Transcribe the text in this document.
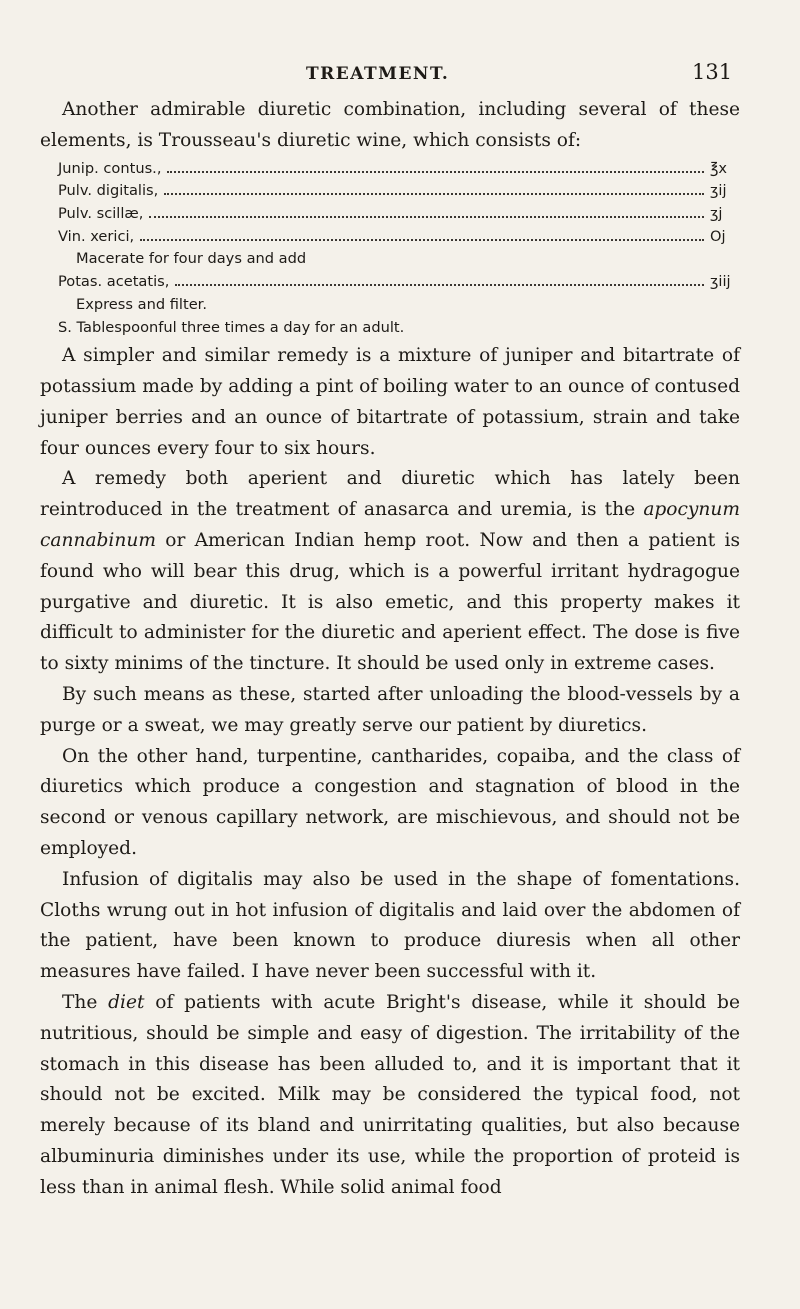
TREATMENT.	131

Another admirable diuretic combination, including several of these elements, is Trousseau's diuretic wine, which consists of:

Junip. contus.,	℥x
Pulv. digitalis,	ʒij
Pulv. scillæ,	ʒj
Vin. xerici,	Oj
Macerate for four days and add
Potas. acetatis,	ʒiij
Express and filter.
S. Tablespoonful three times a day for an adult.

A simpler and similar remedy is a mixture of juniper and bitartrate of potassium made by adding a pint of boiling water to an ounce of contused juniper berries and an ounce of bitartrate of potassium, strain and take four ounces every four to six hours.

A remedy both aperient and diuretic which has lately been reintroduced in the treatment of anasarca and uremia, is the apocynum cannabinum or American Indian hemp root. Now and then a patient is found who will bear this drug, which is a powerful irritant hydragogue purgative and diuretic. It is also emetic, and this property makes it difficult to administer for the diuretic and aperient effect. The dose is five to sixty minims of the tincture. It should be used only in extreme cases.

By such means as these, started after unloading the blood-vessels by a purge or a sweat, we may greatly serve our patient by diuretics.

On the other hand, turpentine, cantharides, copaiba, and the class of diuretics which produce a congestion and stagnation of blood in the second or venous capillary network, are mischievous, and should not be employed.

Infusion of digitalis may also be used in the shape of fomentations. Cloths wrung out in hot infusion of digitalis and laid over the abdomen of the patient, have been known to produce diuresis when all other measures have failed. I have never been successful with it.

The diet of patients with acute Bright's disease, while it should be nutritious, should be simple and easy of digestion. The irritability of the stomach in this disease has been alluded to, and it is important that it should not be excited. Milk may be considered the typical food, not merely because of its bland and unirritating qualities, but also because albuminuria diminishes under its use, while the proportion of proteid is less than in animal flesh. While solid animal food
